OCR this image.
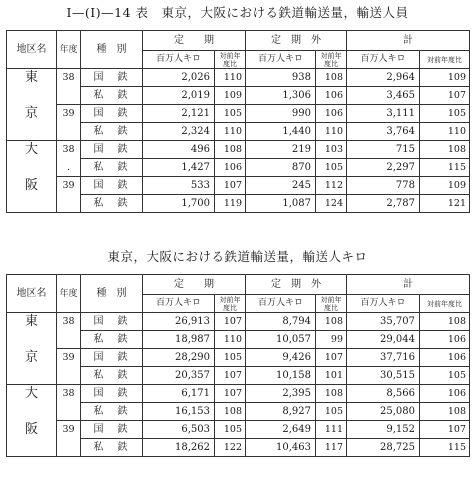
Ⅰ—(Ⅰ)—14 表　東京，大阪における鉄道輸送量，輸送人員
地区名	年度	種　別	定　　期		定　期　外		計	
			百万人キロ	対前年度比	百万人キロ	対前年度比	百万人キロ	対前年度比
東	38	国　鉄	2,026	110	938	108	2,964	109
		私　鉄	2,019	109	1,306	106	3,465	107
京	39	国　鉄	2,121	105	990	106	3,111	105
		私　鉄	2,324	110	1,440	110	3,764	110
大	38	国　鉄	496	108	219	103	715	108
	.	私　鉄	1,427	106	870	105	2,297	115
阪	39	国　鉄	533	107	245	112	778	109
		私　鉄	1,700	119	1,087	124	2,787	121
東京，大阪における鉄道輸送量，輸送人キロ
地区名	年度	種　別	定　　期		定　期　外		計	
			百万人キロ	対前年度比	百万人キロ	対前年度比	百万人キロ	対前年度比
東	38	国　鉄	26,913	107	8,794	108	35,707	108
		私　鉄	18,987	110	10,057	99	29,044	106
京	39	国　鉄	28,290	105	9,426	107	37,716	106
		私　鉄	20,357	107	10,158	101	30,515	105
大	38	国　鉄	6,171	107	2,395	108	8,566	106
		私　鉄	16,153	108	8,927	105	25,080	108
阪	39	国　鉄	6,503	105	2,649	111	9,152	107
		私　鉄	18,262	122	10,463	117	28,725	115
